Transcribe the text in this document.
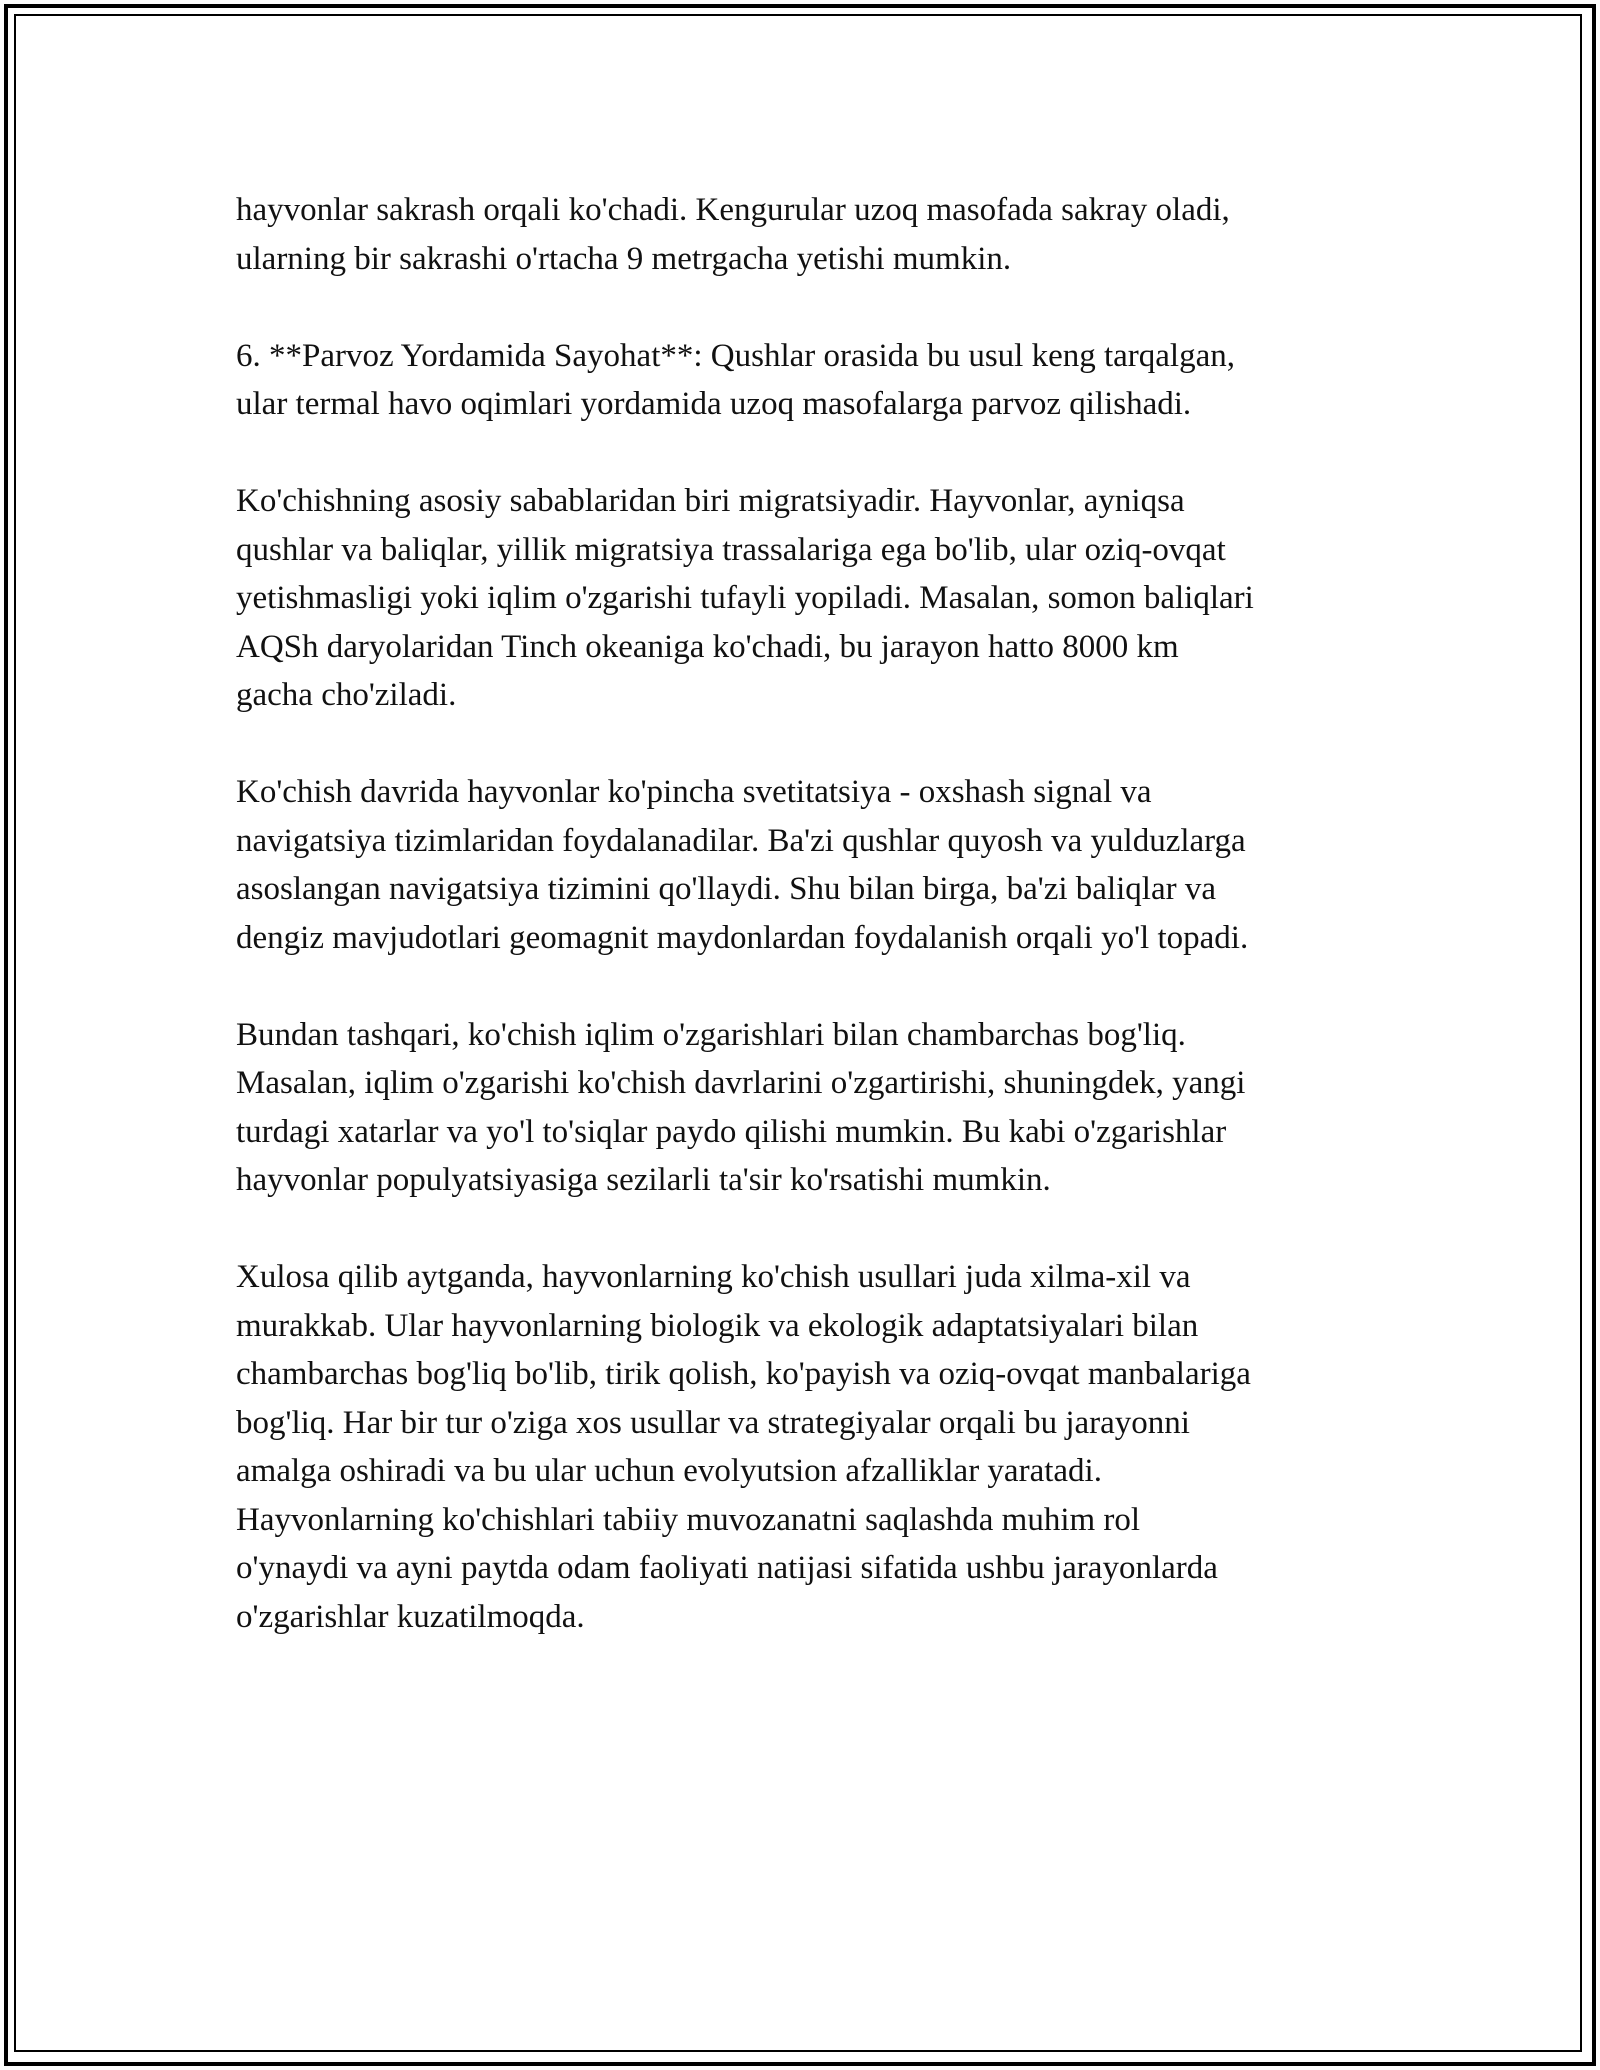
hayvonlar sakrash orqali ko'chadi. Kengurular uzoq masofada sakray oladi,
ularning bir sakrashi o'rtacha 9 metrgacha yetishi mumkin.

6. **Parvoz Yordamida Sayohat**: Qushlar orasida bu usul keng tarqalgan,
ular termal havo oqimlari yordamida uzoq masofalarga parvoz qilishadi.

Ko'chishning asosiy sabablaridan biri migratsiyadir. Hayvonlar, ayniqsa
qushlar va baliqlar, yillik migratsiya trassalariga ega bo'lib, ular oziq-ovqat
yetishmasligi yoki iqlim o'zgarishi tufayli yopiladi. Masalan, somon baliqlari
AQSh daryolaridan Tinch okeaniga ko'chadi, bu jarayon hatto 8000 km
gacha cho'ziladi.

Ko'chish davrida hayvonlar ko'pincha svetitatsiya - oxshash signal va
navigatsiya tizimlaridan foydalanadilar. Ba'zi qushlar quyosh va yulduzlarga
asoslangan navigatsiya tizimini qo'llaydi. Shu bilan birga, ba'zi baliqlar va
dengiz mavjudotlari geomagnit maydonlardan foydalanish orqali yo'l topadi.

Bundan tashqari, ko'chish iqlim o'zgarishlari bilan chambarchas bog'liq.
Masalan, iqlim o'zgarishi ko'chish davrlarini o'zgartirishi, shuningdek, yangi
turdagi xatarlar va yo'l to'siqlar paydo qilishi mumkin. Bu kabi o'zgarishlar
hayvonlar populyatsiyasiga sezilarli ta'sir ko'rsatishi mumkin.

Xulosa qilib aytganda, hayvonlarning ko'chish usullari juda xilma-xil va
murakkab. Ular hayvonlarning biologik va ekologik adaptatsiyalari bilan
chambarchas bog'liq bo'lib, tirik qolish, ko'payish va oziq-ovqat manbalariga
bog'liq. Har bir tur o'ziga xos usullar va strategiyalar orqali bu jarayonni
amalga oshiradi va bu ular uchun evolyutsion afzalliklar yaratadi.
Hayvonlarning ko'chishlari tabiiy muvozanatni saqlashda muhim rol
o'ynaydi va ayni paytda odam faoliyati natijasi sifatida ushbu jarayonlarda
o'zgarishlar kuzatilmoqda.
